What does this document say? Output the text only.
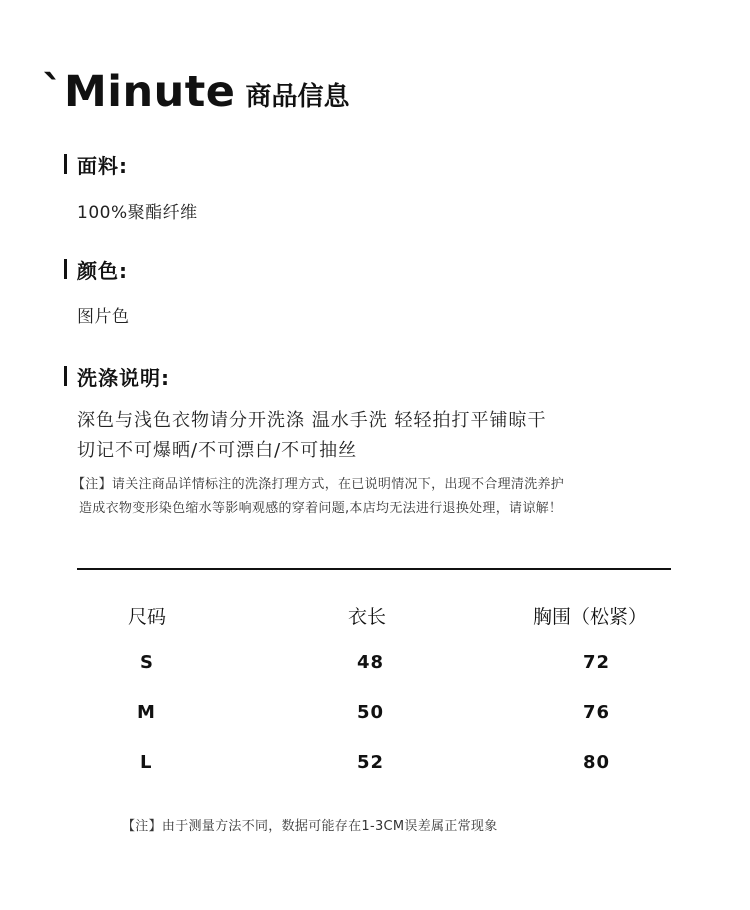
`Minute 商品信息
面料:
100%聚酯纤维
颜色:
图片色
洗涤说明:
深色与浅色衣物请分开洗涤 温水手洗 轻轻拍打平铺晾干
切记不可爆晒/不可漂白/不可抽丝
【注】请关注商品详情标注的洗涤打理方式，在已说明情况下，出现不合理清洗养护
造成衣物变形染色缩水等影响观感的穿着问题,本店均无法进行退换处理，请谅解！
尺码	衣长	胸围（松紧）
S	48	72
M	50	76
L	52	80
【注】由于测量方法不同，数据可能存在1-3CM误差属正常现象
